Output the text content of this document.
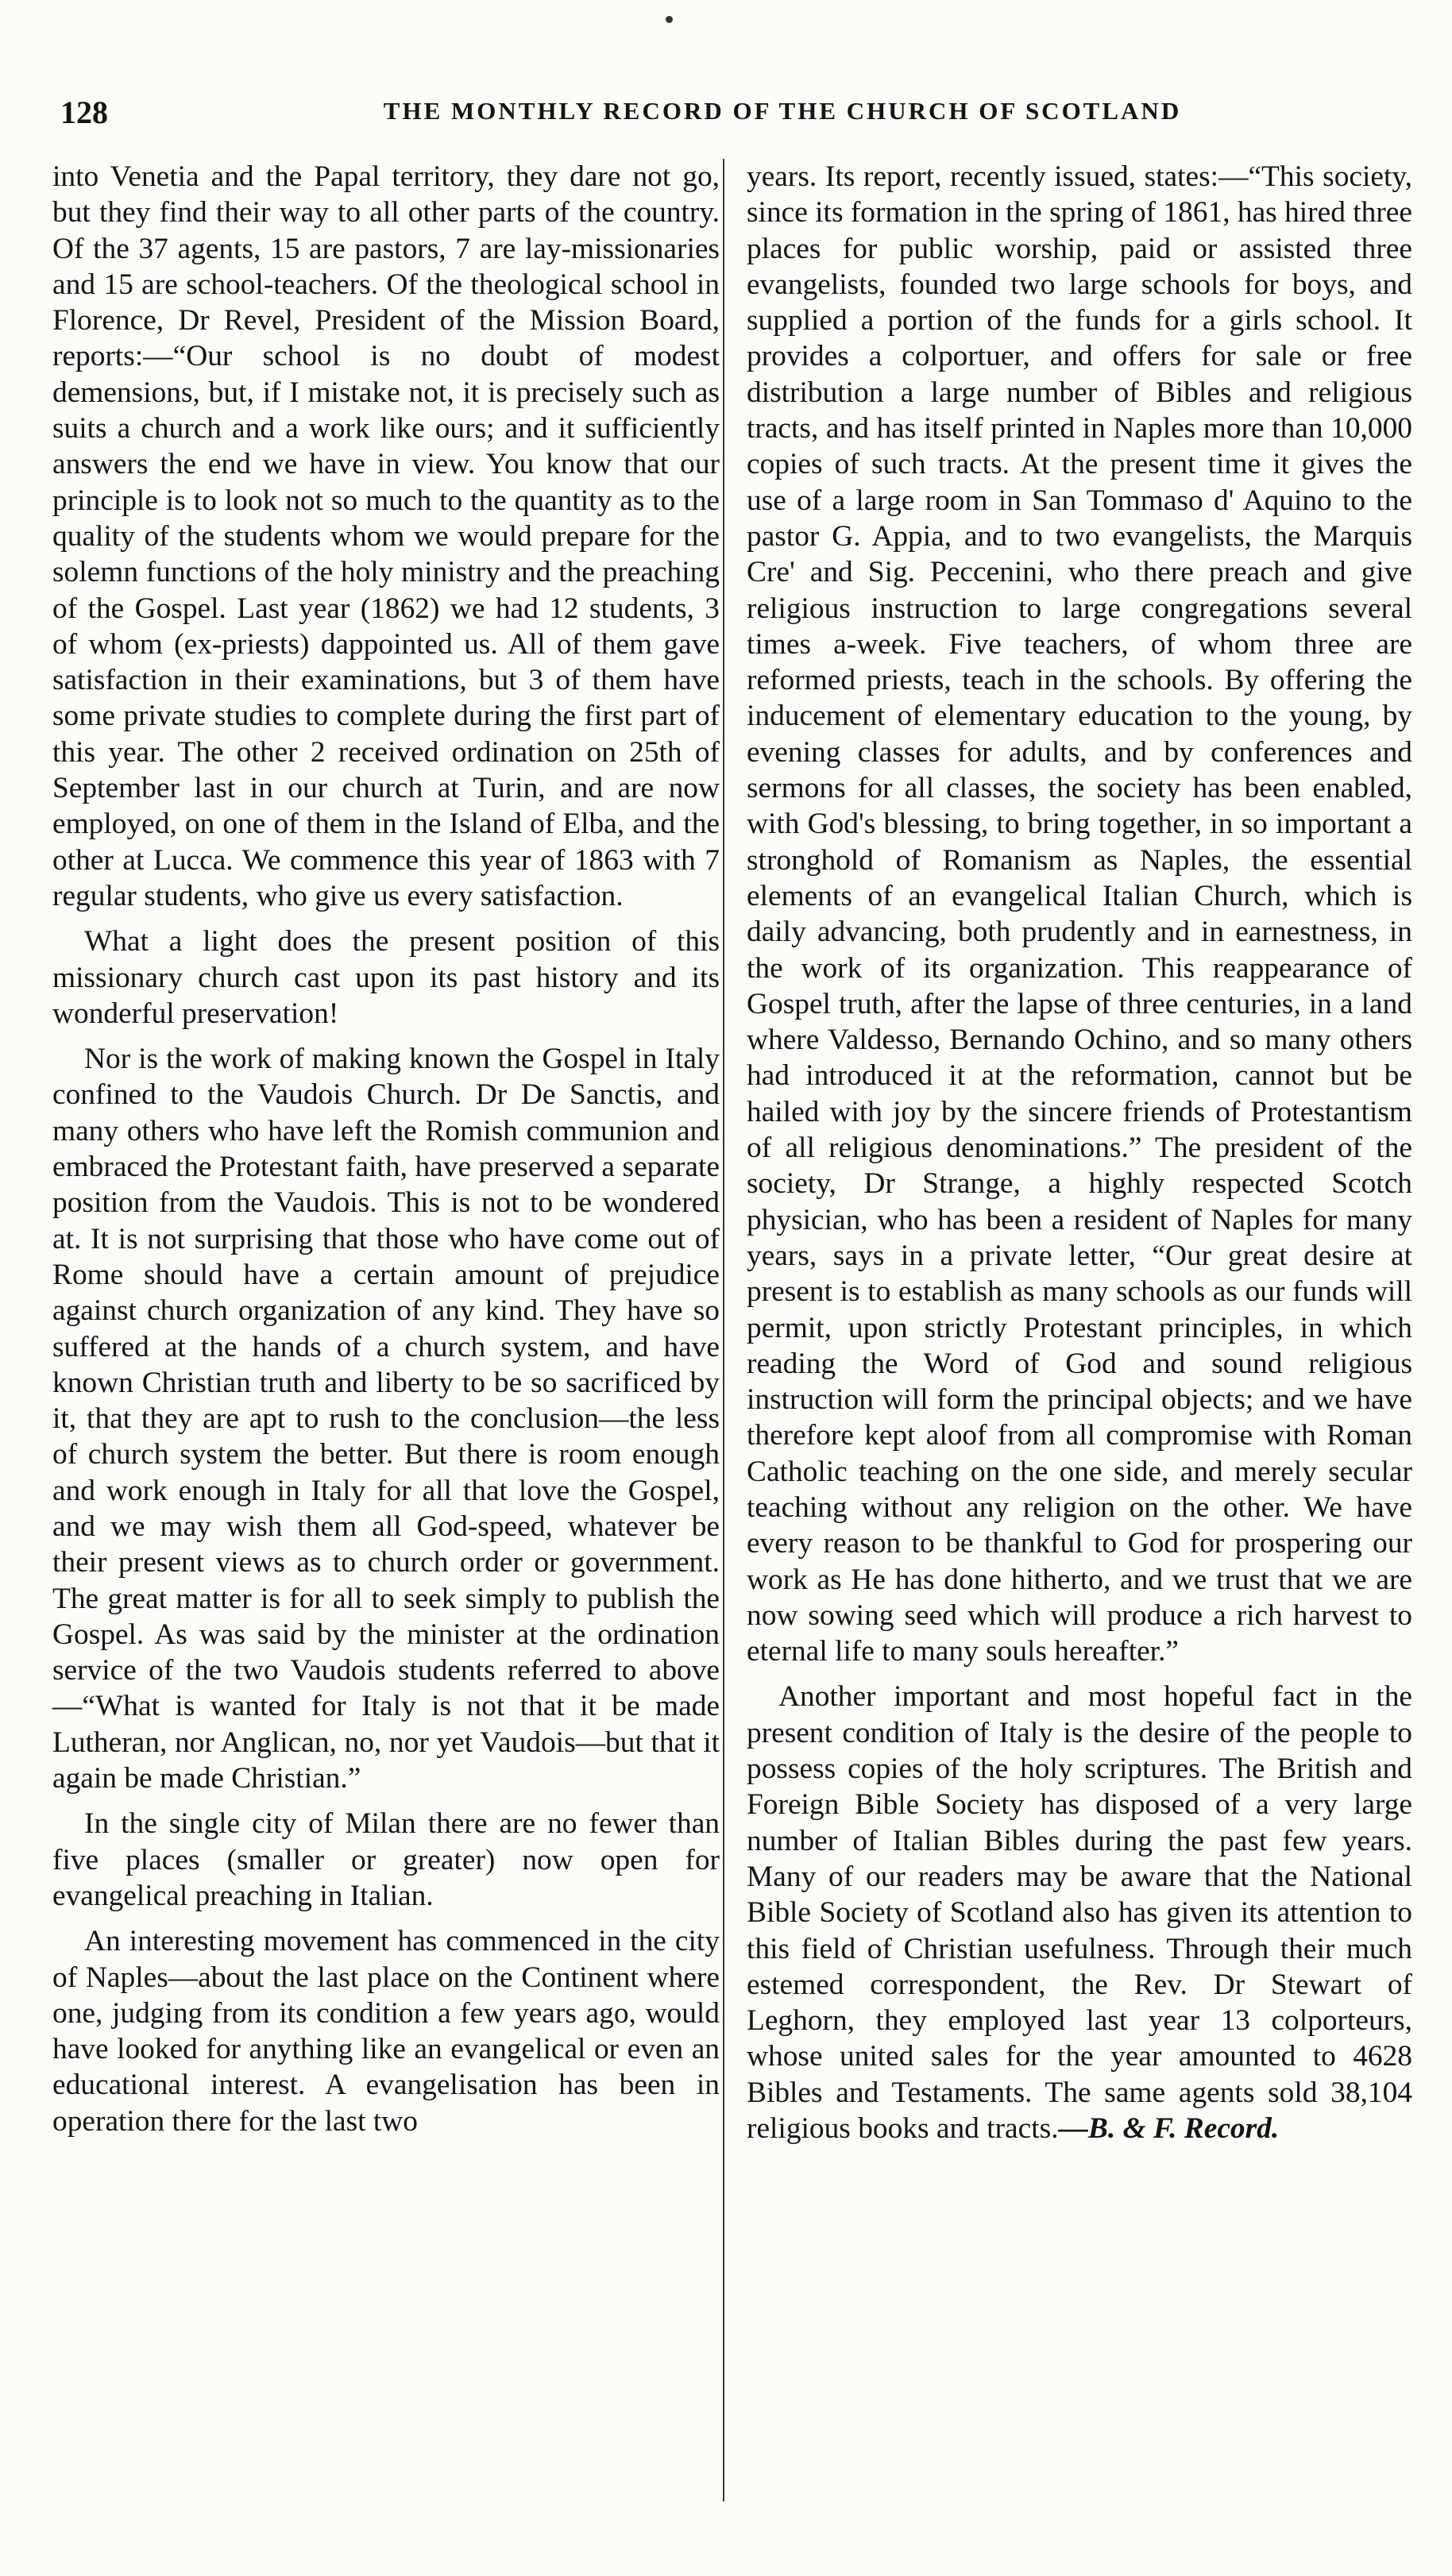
128	THE MONTHLY RECORD OF THE CHURCH OF SCOTLAND

into Venetia and the Papal territory, they dare not go, but they find their way to all other parts of the country. Of the 37 agents, 15 are pastors, 7 are lay-missionaries and 15 are school-teachers. Of the theological school in Florence, Dr Revel, President of the Mission Board, reports:—“Our school is no doubt of modest demensions, but, if I mistake not, it is precisely such as suits a church and a work like ours; and it sufficiently answers the end we have in view. You know that our principle is to look not so much to the quantity as to the quality of the students whom we would prepare for the solemn functions of the holy ministry and the preaching of the Gospel. Last year (1862) we had 12 students, 3 of whom (ex-priests) dappointed us. All of them gave satisfaction in their examinations, but 3 of them have some private studies to complete during the first part of this year. The other 2 received ordination on 25th of September last in our church at Turin, and are now employed, on one of them in the Island of Elba, and the other at Lucca. We commence this year of 1863 with 7 regular students, who give us every satisfaction.

What a light does the present position of this missionary church cast upon its past history and its wonderful preservation!

Nor is the work of making known the Gospel in Italy confined to the Vaudois Church. Dr De Sanctis, and many others who have left the Romish communion and embraced the Protestant faith, have preserved a separate position from the Vaudois. This is not to be wondered at. It is not surprising that those who have come out of Rome should have a certain amount of prejudice against church organization of any kind. They have so suffered at the hands of a church system, and have known Christian truth and liberty to be so sacrificed by it, that they are apt to rush to the conclusion—the less of church system the better. But there is room enough and work enough in Italy for all that love the Gospel, and we may wish them all God-speed, whatever be their present views as to church order or government. The great matter is for all to seek simply to publish the Gospel. As was said by the minister at the ordination service of the two Vaudois students referred to above—“What is wanted for Italy is not that it be made Lutheran, nor Anglican, no, nor yet Vaudois—but that it again be made Christian.”

In the single city of Milan there are no fewer than five places (smaller or greater) now open for evangelical preaching in Italian.

An interesting movement has commenced in the city of Naples—about the last place on the Continent where one, judging from its condition a few years ago, would have looked for anything like an evangelical or even an educational interest. A evangelisation has been in operation there for the last two

years. Its report, recently issued, states:—“This society, since its formation in the spring of 1861, has hired three places for public worship, paid or assisted three evangelists, founded two large schools for boys, and supplied a portion of the funds for a girls school. It provides a colportuer, and offers for sale or free distribution a large number of Bibles and religious tracts, and has itself printed in Naples more than 10,000 copies of such tracts. At the present time it gives the use of a large room in San Tommaso d' Aquino to the pastor G. Appia, and to two evangelists, the Marquis Cre' and Sig. Peccenini, who there preach and give religious instruction to large congregations several times a-week. Five teachers, of whom three are reformed priests, teach in the schools. By offering the inducement of elementary education to the young, by evening classes for adults, and by conferences and sermons for all classes, the society has been enabled, with God's blessing, to bring together, in so important a stronghold of Romanism as Naples, the essential elements of an evangelical Italian Church, which is daily advancing, both prudently and in earnestness, in the work of its organization. This reappearance of Gospel truth, after the lapse of three centuries, in a land where Valdesso, Bernando Ochino, and so many others had introduced it at the reformation, cannot but be hailed with joy by the sincere friends of Protestantism of all religious denominations.” The president of the society, Dr Strange, a highly respected Scotch physician, who has been a resident of Naples for many years, says in a private letter, “Our great desire at present is to establish as many schools as our funds will permit, upon strictly Protestant principles, in which reading the Word of God and sound religious instruction will form the principal objects; and we have therefore kept aloof from all compromise with Roman Catholic teaching on the one side, and merely secular teaching without any religion on the other. We have every reason to be thankful to God for prospering our work as He has done hitherto, and we trust that we are now sowing seed which will produce a rich harvest to eternal life to many souls hereafter.”

Another important and most hopeful fact in the present condition of Italy is the desire of the people to possess copies of the holy scriptures. The British and Foreign Bible Society has disposed of a very large number of Italian Bibles during the past few years. Many of our readers may be aware that the National Bible Society of Scotland also has given its attention to this field of Christian usefulness. Through their much estemed correspondent, the Rev. Dr Stewart of Leghorn, they employed last year 13 colporteurs, whose united sales for the year amounted to 4628 Bibles and Testaments. The same agents sold 38,104 religious books and tracts.—B. & F. Record.
